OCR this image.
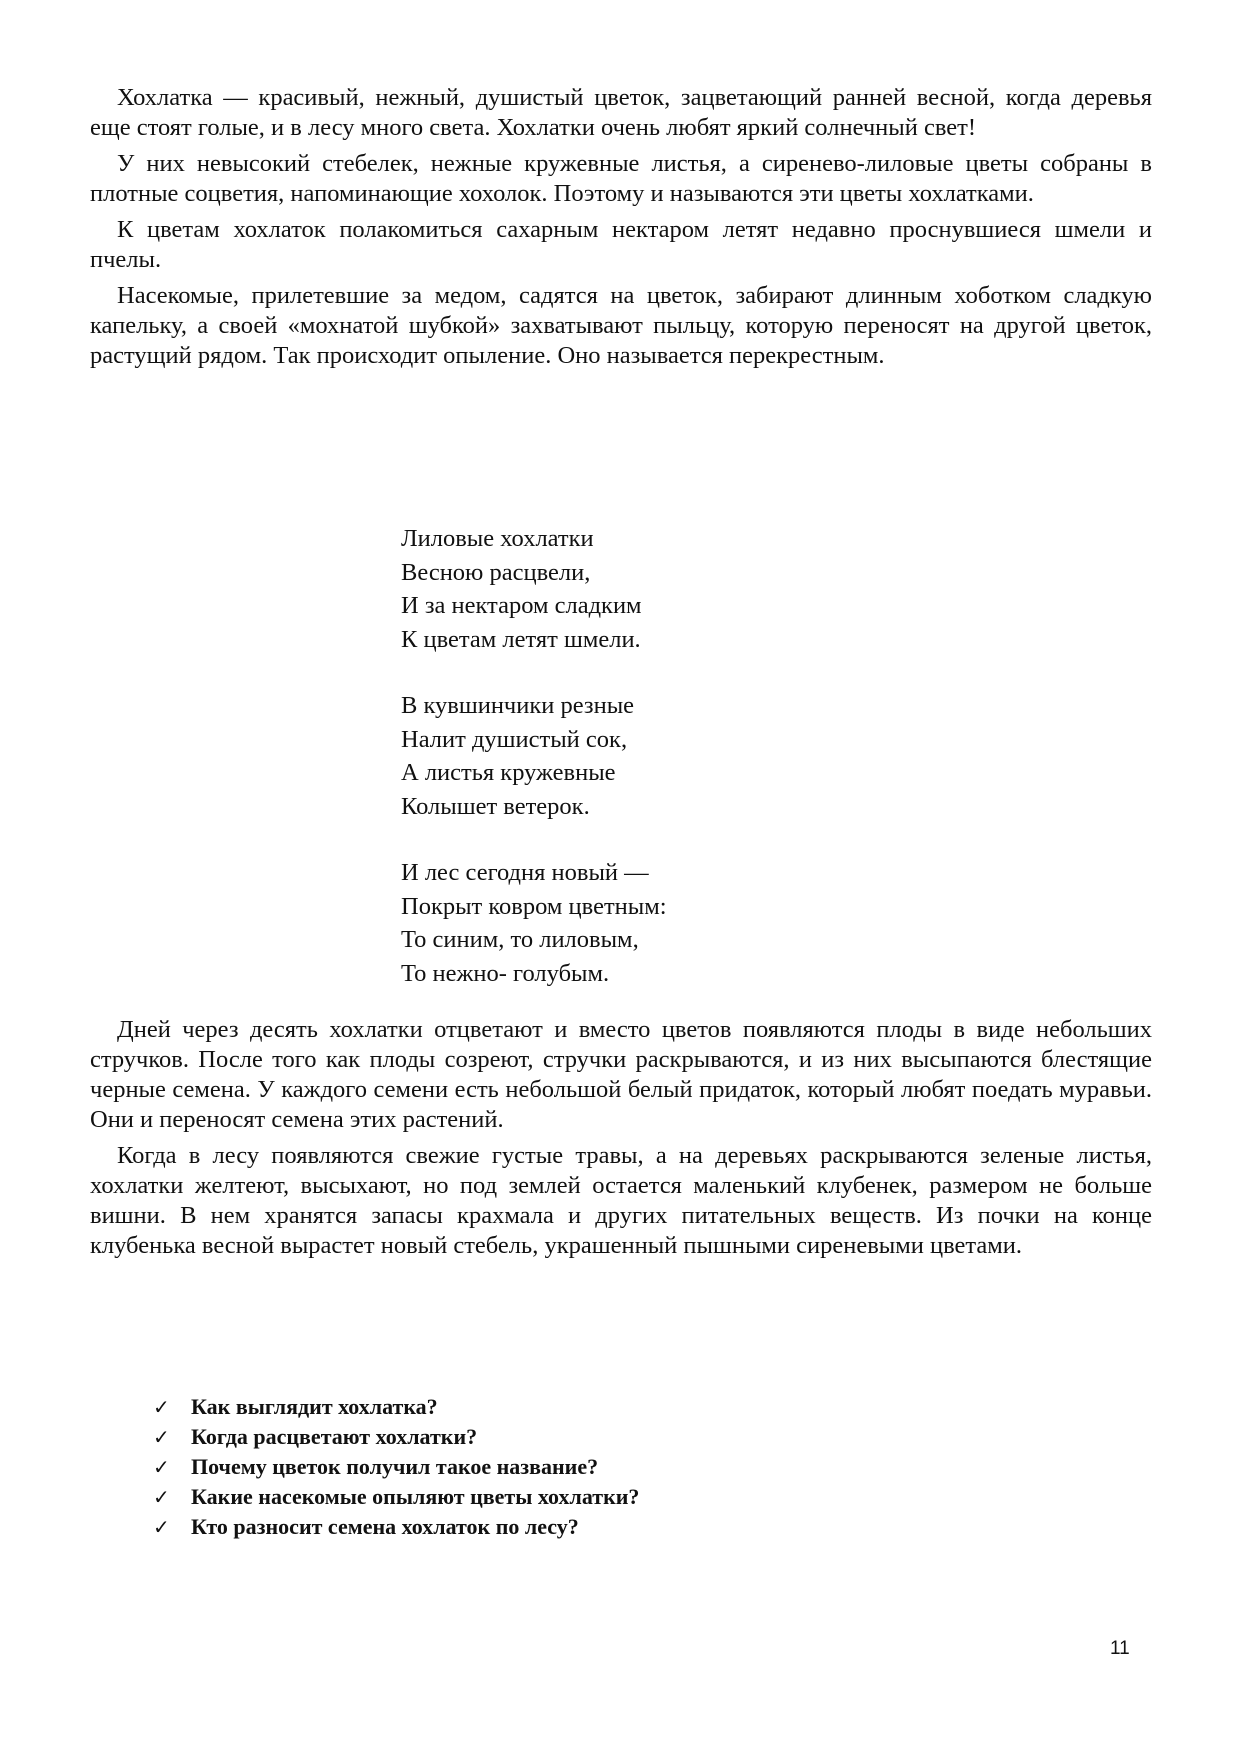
Хохлатка — красивый, нежный, душистый цветок, зацветающий ранней весной, когда деревья еще стоят голые, и в лесу много света. Хохлатки очень любят яркий солнечный свет!

У них невысокий стебелек, нежные кружевные листья, а сиренево-лиловые цветы собраны в плотные соцветия, напоминающие хохолок. Поэтому и называются эти цветы хохлатками.

К цветам хохлаток полакомиться сахарным нектаром летят недавно проснувшиеся шмели и пчелы.

Насекомые, прилетевшие за медом, садятся на цветок, забирают длинным хоботком сладкую капельку, а своей «мохнатой шубкой» захватывают пыльцу, которую переносят на другой цветок, растущий рядом. Так происходит опыление. Оно называется перекрестным.

Лиловые хохлатки
Весною расцвели,
И за нектаром сладким
К цветам летят шмели.
В кувшинчики резные
Налит душистый сок,
А листья кружевные
Колышет ветерок.
И лес сегодня новый —
Покрыт ковром цветным:
То синим, то лиловым,
То нежно- голубым.

Дней через десять хохлатки отцветают и вместо цветов появляются плоды в виде небольших стручков. После того как плоды созреют, стручки раскрываются, и из них высыпаются блестящие черные семена. У каждого семени есть небольшой белый придаток, который любят поедать муравьи. Они и переносят семена этих растений.

Когда в лесу появляются свежие густые травы, а на деревьях раскрываются зеленые листья, хохлатки желтеют, высыхают, но под землей остается маленький клубенек, размером не больше вишни. В нем хранятся запасы крахмала и других питательных веществ. Из почки на конце клубенька весной вырастет новый стебель, украшенный пышными сиреневыми цветами.

✓ Как выглядит хохлатка?
✓ Когда расцветают хохлатки?
✓ Почему цветок получил такое название?
✓ Какие насекомые опыляют цветы хохлатки?
✓ Кто разносит семена хохлаток по лесу?
11
